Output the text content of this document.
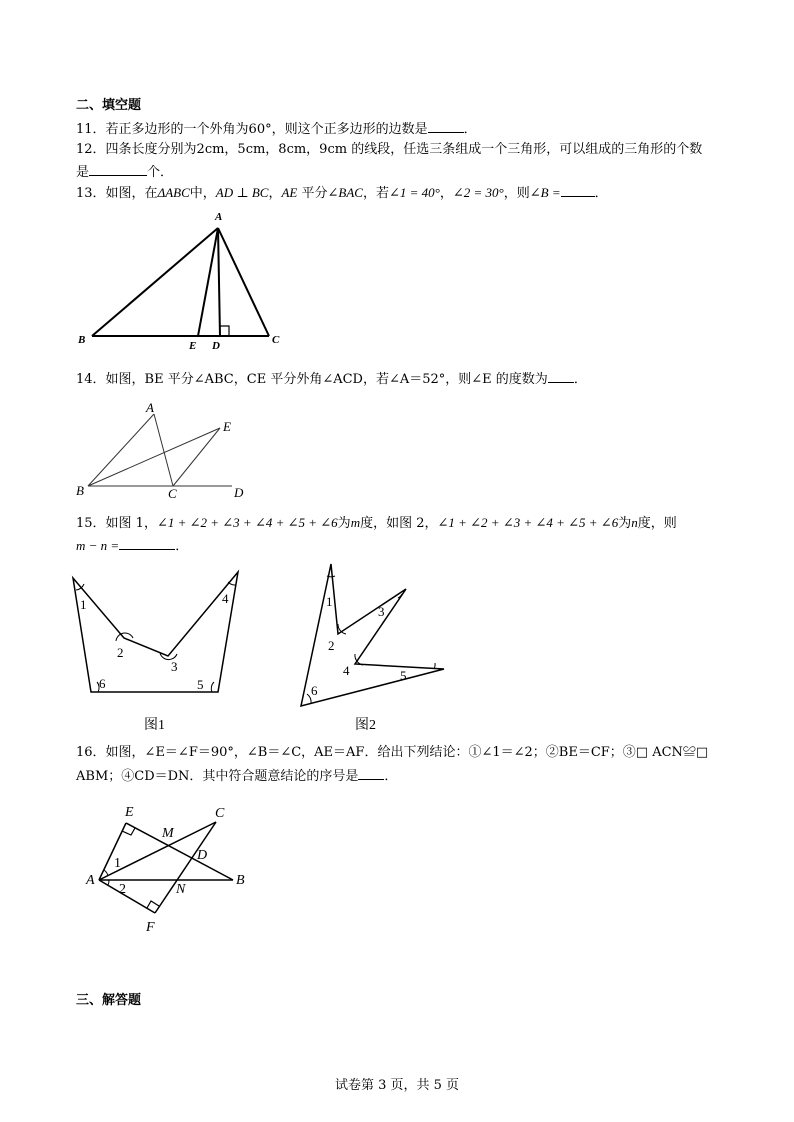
二、填空题
11．若正多边形的一个外角为60°，则这个正多边形的边数是	．
12．四条长度分别为2cm，5cm，8cm，9cm 的线段，任选三条组成一个三角形，可以组成的三角形的个数
是	个．
13．如图，在ΔABC中，AD ⊥ BC，AE 平分∠BAC，若∠1 = 40°，∠2 = 30°，则∠B =	．
A
B	E D	C
14．如图，BE 平分∠ABC，CE 平分外角∠ACD，若∠A＝52°，则∠E 的度数为 ．
A
E
B	C	D
15．如图 1，∠1 + ∠2 + ∠3 + ∠4 + ∠5 + ∠6为m度，如图 2，∠1 + ∠2 + ∠3 + ∠4 + ∠5 + ∠6为n度，则
m − n =	．
1
2
3
4
5
6
图1
1
2
3
4	5
6
图2
16．如图，∠E＝∠F＝90°，∠B＝∠C，AE＝AF．给出下列结论：①∠1＝∠2；②BE＝CF；③□ ACN≌□
ABM；④CD＝DN．其中符合题意结论的序号是 ．
E	C
M
D
1
A
2	N
B
F
三、解答题
试卷第 3 页，共 5 页
